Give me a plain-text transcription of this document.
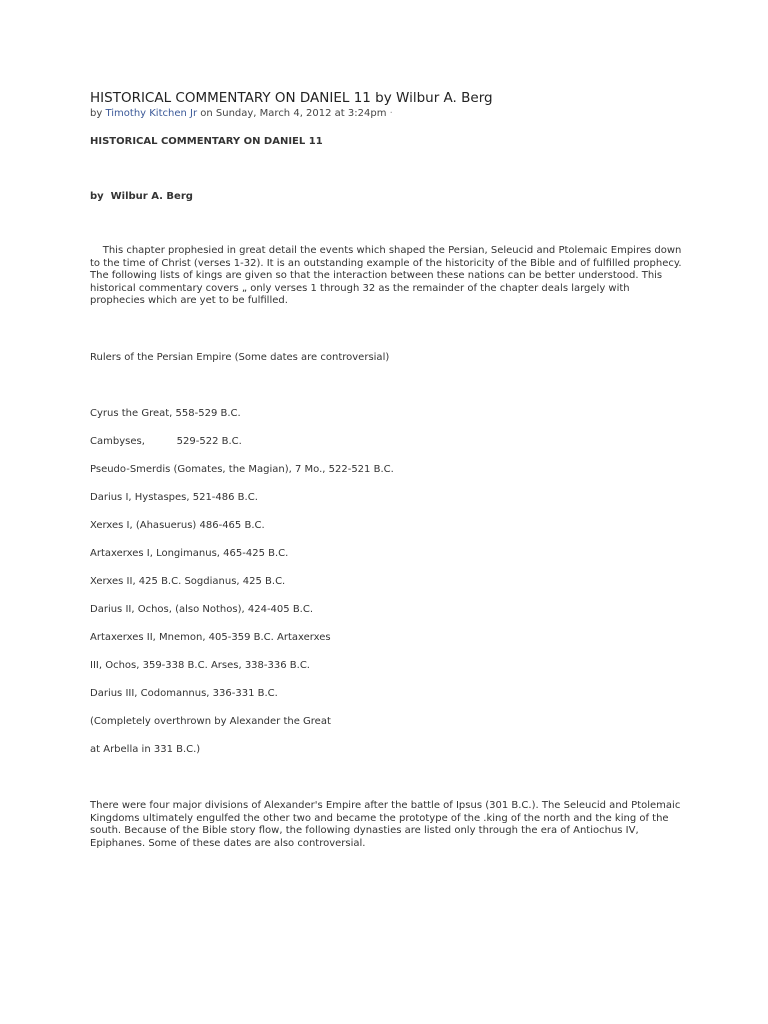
HISTORICAL COMMENTARY ON DANIEL 11 by Wilbur A. Berg
by Timothy Kitchen Jr on Sunday, March 4, 2012 at 3:24pm ·
HISTORICAL COMMENTARY ON DANIEL 11
by  Wilbur A. Berg

This chapter prophesied in great detail the events which shaped the Persian, Seleucid and Ptolemaic Empires down to the time of Christ (verses 1-32). It is an outstanding example of the historicity of the Bible and of fulfilled prophecy. The following lists of kings are given so that the interaction between these nations can be better understood. This historical commentary covers „ only verses 1 through 32 as the remainder of the chapter deals largely with prophecies which are yet to be fulfilled.

Rulers of the Persian Empire (Some dates are controversial)

Cyrus the Great, 558-529 B.C.

Cambyses,          529-522 B.C.

Pseudo-Smerdis (Gomates, the Magian), 7 Mo., 522-521 B.C.

Darius I, Hystaspes, 521-486 B.C.

Xerxes I, (Ahasuerus) 486-465 B.C.

Artaxerxes I, Longimanus, 465-425 B.C.

Xerxes II, 425 B.C. Sogdianus, 425 B.C.

Darius II, Ochos, (also Nothos), 424-405 B.C.

Artaxerxes II, Mnemon, 405-359 B.C. Artaxerxes

III, Ochos, 359-338 B.C. Arses, 338-336 B.C.

Darius III, Codomannus, 336-331 B.C.

(Completely overthrown by Alexander the Great

at Arbella in 331 B.C.)

There were four major divisions of Alexander's Empire after the battle of Ipsus (301 B.C.). The Seleucid and Ptolemaic Kingdoms ultimately engulfed the other two and became the prototype of the .king of the north and the king of the south. Because of the Bible story flow, the following dynasties are listed only through the era of Antiochus IV, Epiphanes. Some of these dates are also controversial.
